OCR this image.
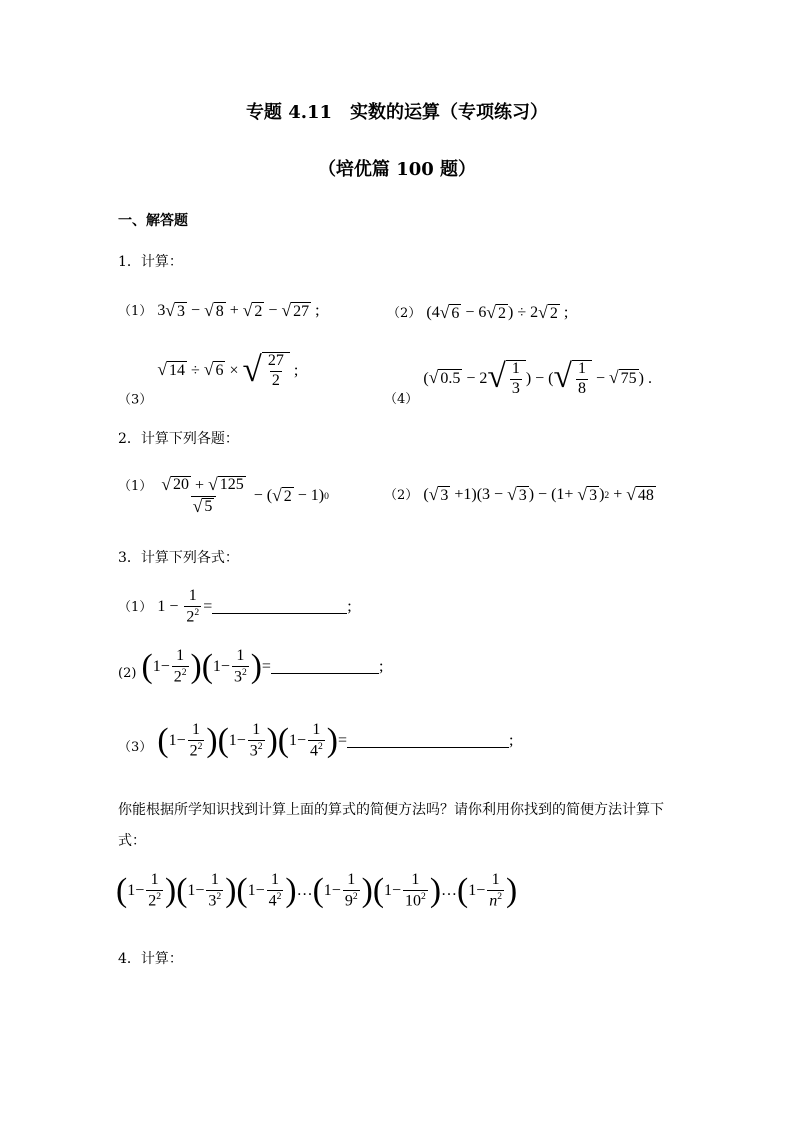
专题 4.11　实数的运算（专项练习）
（培优篇 100 题）
一、解答题
1．计算：
（1） 3 √ 3 − √ 8 + √ 2 − √ 27 ;	（2） (4 √ 6 − 6 √ 2 ) ÷ 2 √ 2 ;
$_{(3)}$
√ 14 ÷ √ 6 × √ $\frac{27}{2}$ ;
$_{(4)}$ ( √ 0.5 − 2 √ $\frac{1}{3}$ ) − ( √ $\frac{1}{8}$ − √ 75 ) .
2．计算下列各题：
$(1) \frac{√ 20 + √ 125}{√ 5}$ − ( √ 2 − 1) 0	（2） ( √ 3 +1)(3 − √ 3 ) − (1+ √ 3 ) 2 + √ 48
3．计算下列各式：
（1） $1 - \frac{1}{2^2}$ =	;
(2) ( $1- \frac{1}{2^2}$ ) ( $1- \frac{1}{3^2}$ ) =	;
（3） ( $1- \frac{1}{2^2}$ ) ( $1- \frac{1}{3^2}$ ) ( $1- \frac{1}{4^2}$ ) =	;
你能根据所学知识找到计算上面的算式的简便方法吗？请你利用你找到的简便方法计算下
式：
( $1- \frac{1}{2^2}$ ) ( $1- \frac{1}{3^2}$ ) ( $1- \frac{1}{4^2}$ ) … ( $1- \frac{1}{9^2}$ ) ( $1- \frac{1}{10^2}$ ) … ( $1- \frac{1}{n^2}$ )
4．计算：
